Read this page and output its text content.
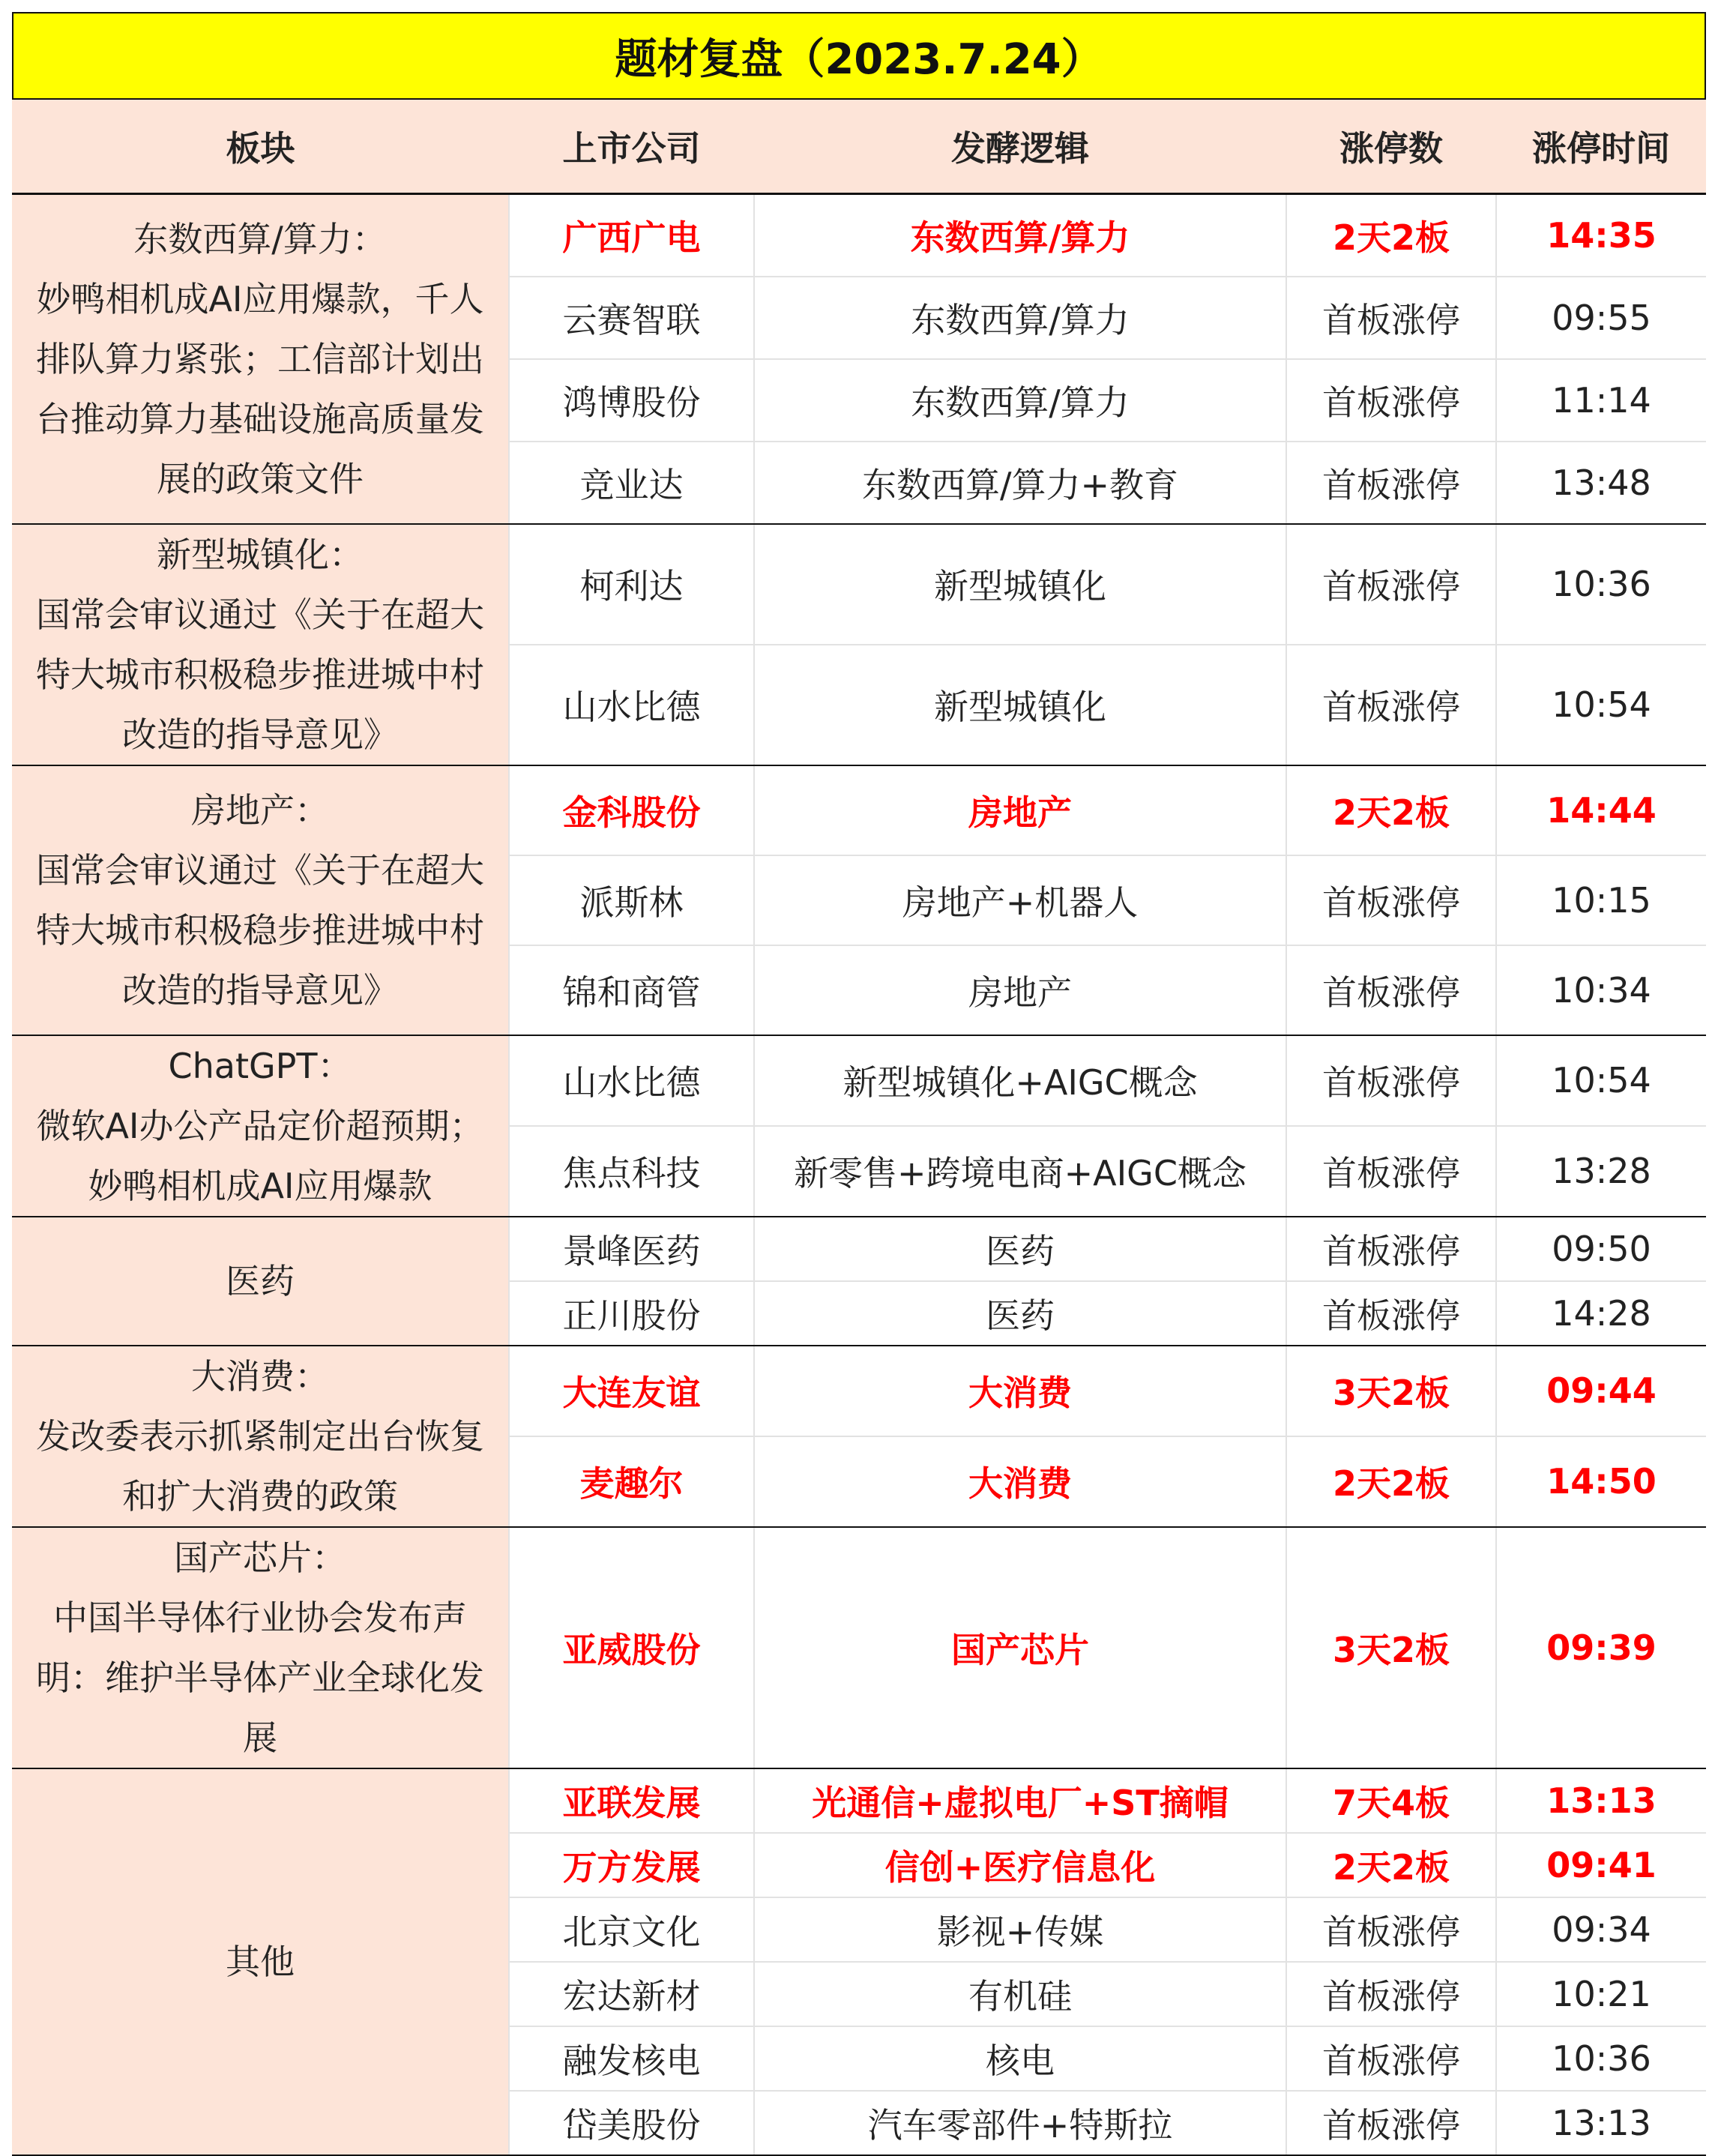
题材复盘（2023.7.24）
板块	上市公司	发酵逻辑	涨停数	涨停时间

东数西算/算力：
妙鸭相机成AI应用爆款，千人排队算力紧张；工信部计划出台推动算力基础设施高质量发展的政策文件	广西广电	东数西算/算力	2天2板	14:35
	云赛智联	东数西算/算力	首板涨停	09:55
	鸿博股份	东数西算/算力	首板涨停	11:14
	竞业达	东数西算/算力+教育	首板涨停	13:48

新型城镇化：
国常会审议通过《关于在超大特大城市积极稳步推进城中村改造的指导意见》	柯利达	新型城镇化	首板涨停	10:36
	山水比德	新型城镇化	首板涨停	10:54

房地产：
国常会审议通过《关于在超大特大城市积极稳步推进城中村改造的指导意见》	金科股份	房地产	2天2板	14:44
	派斯林	房地产+机器人	首板涨停	10:15
	锦和商管	房地产	首板涨停	10:34

ChatGPT：
微软AI办公产品定价超预期；妙鸭相机成AI应用爆款	山水比德	新型城镇化+AIGC概念	首板涨停	10:54
	焦点科技	新零售+跨境电商+AIGC概念	首板涨停	13:28

医药	景峰医药	医药	首板涨停	09:50
	正川股份	医药	首板涨停	14:28

大消费：
发改委表示抓紧制定出台恢复和扩大消费的政策	大连友谊	大消费	3天2板	09:44
	麦趣尔	大消费	2天2板	14:50

国产芯片：
中国半导体行业协会发布声明：维护半导体产业全球化发展	亚威股份	国产芯片	3天2板	09:39

其他	亚联发展	光通信+虚拟电厂+ST摘帽	7天4板	13:13
	万方发展	信创+医疗信息化	2天2板	09:41
	北京文化	影视+传媒	首板涨停	09:34
	宏达新材	有机硅	首板涨停	10:21
	融发核电	核电	首板涨停	10:36
	岱美股份	汽车零部件+特斯拉	首板涨停	13:13
